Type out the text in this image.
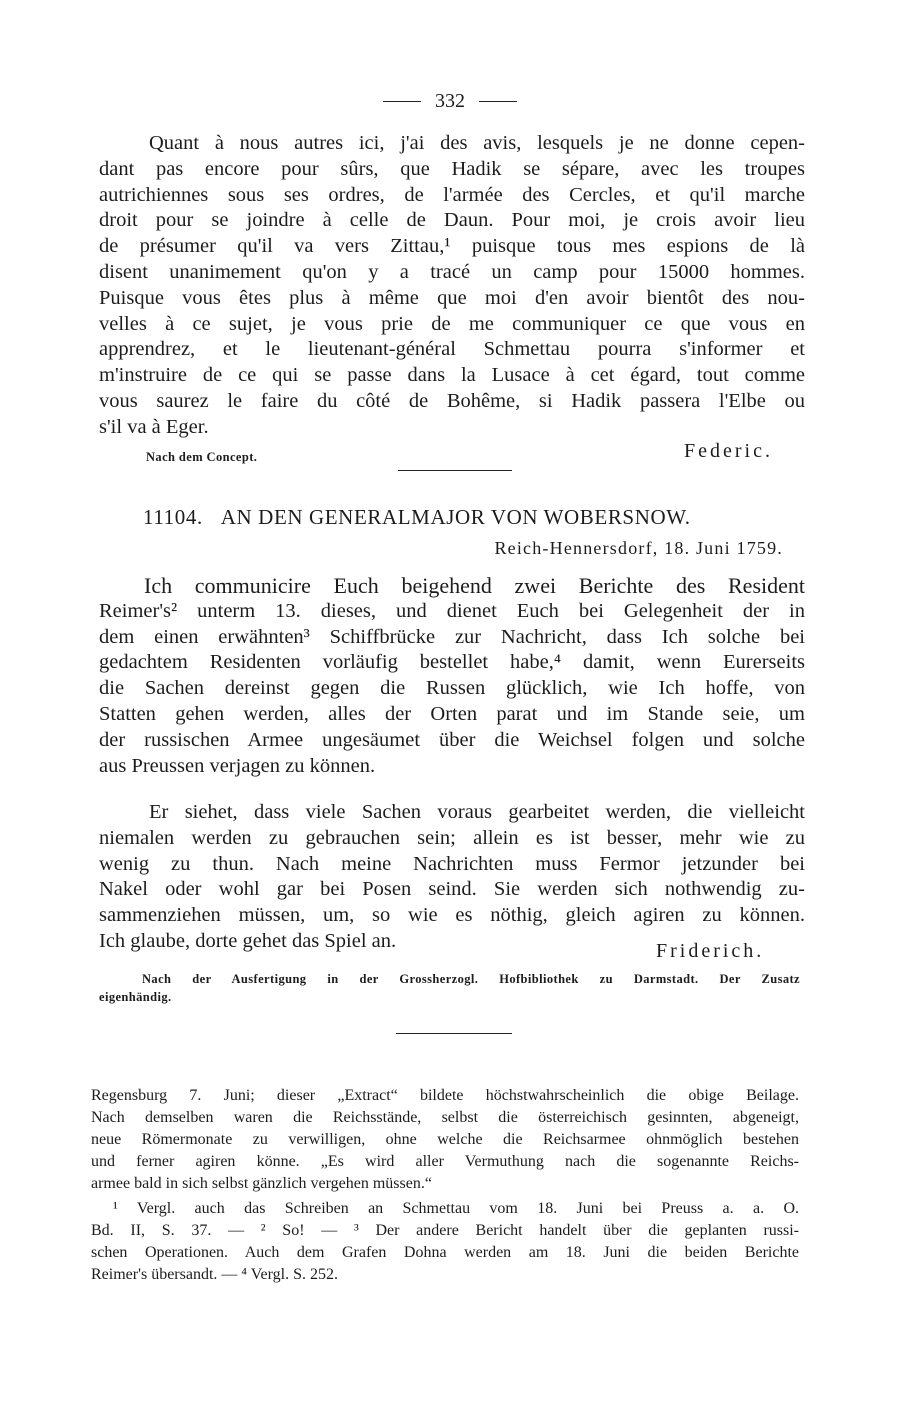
332
Quant à nous autres ici, j'ai des avis, lesquels je ne donne cepen-
dant pas encore pour sûrs, que Hadik se sépare, avec les troupes
autrichiennes sous ses ordres, de l'armée des Cercles, et qu'il marche
droit pour se joindre à celle de Daun. Pour moi, je crois avoir lieu
de présumer qu'il va vers Zittau,¹ puisque tous mes espions de là
disent unanimement qu'on y a tracé un camp pour 15000 hommes.
Puisque vous êtes plus à même que moi d'en avoir bientôt des nou-
velles à ce sujet, je vous prie de me communiquer ce que vous en
apprendrez, et le lieutenant-général Schmettau pourra s'informer et
m'instruire de ce qui se passe dans la Lusace à cet égard, tout comme
vous saurez le faire du côté de Bohême, si Hadik passera l'Elbe ou
s'il va à Eger.
Nach dem Concept.	Federic.
11104. AN DEN GENERALMAJOR VON WOBERSNOW.
Reich-Hennersdorf, 18. Juni 1759.
Ich communicire Euch beigehend zwei Berichte des Resident
Reimer's² unterm 13. dieses, und dienet Euch bei Gelegenheit der in
dem einen erwähnten³ Schiffbrücke zur Nachricht, dass Ich solche bei
gedachtem Residenten vorläufig bestellet habe,⁴ damit, wenn Eurerseits
die Sachen dereinst gegen die Russen glücklich, wie Ich hoffe, von
Statten gehen werden, alles der Orten parat und im Stande seie, um
der russischen Armee ungesäumet über die Weichsel folgen und solche
aus Preussen verjagen zu können.
Er siehet, dass viele Sachen voraus gearbeitet werden, die vielleicht
niemalen werden zu gebrauchen sein; allein es ist besser, mehr wie zu
wenig zu thun. Nach meine Nachrichten muss Fermor jetzunder bei
Nakel oder wohl gar bei Posen seind. Sie werden sich nothwendig zu-
sammenziehen müssen, um, so wie es nöthig, gleich agiren zu können.
Ich glaube, dorte gehet das Spiel an.	Friderich.
Nach der Ausfertigung in der Grossherzogl. Hofbibliothek zu Darmstadt. Der Zusatz
eigenhändig.
Regensburg 7. Juni; dieser „Extract“ bildete höchstwahrscheinlich die obige Beilage.
Nach demselben waren die Reichsstände, selbst die österreichisch gesinnten, abgeneigt,
neue Römermonate zu verwilligen, ohne welche die Reichsarmee ohnmöglich bestehen
und ferner agiren könne. „Es wird aller Vermuthung nach die sogenannte Reichs-
armee bald in sich selbst gänzlich vergehen müssen.“
¹ Vergl. auch das Schreiben an Schmettau vom 18. Juni bei Preuss a. a. O.
Bd. II, S. 37. — ² So! — ³ Der andere Bericht handelt über die geplanten russi-
schen Operationen. Auch dem Grafen Dohna werden am 18. Juni die beiden Berichte
Reimer's übersandt. — ⁴ Vergl. S. 252.
